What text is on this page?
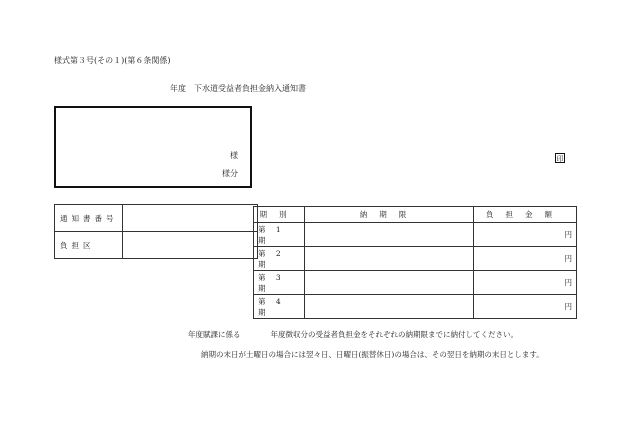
様式第３号(その１)(第６条関係)
年度　下水道受益者負担金納入通知書
様
様分
印
通知書番号	
負担区	
期別	納期限	負担金額
第 1 期		円
第 2 期		円
第 3 期		円
第 4 期		円
年度賦課に係る　　　　年度徴収分の受益者負担金をそれぞれの納期限までに納付してください。
納期の末日が土曜日の場合には翌々日、日曜日(振替休日)の場合は、その翌日を納期の末日とします。
